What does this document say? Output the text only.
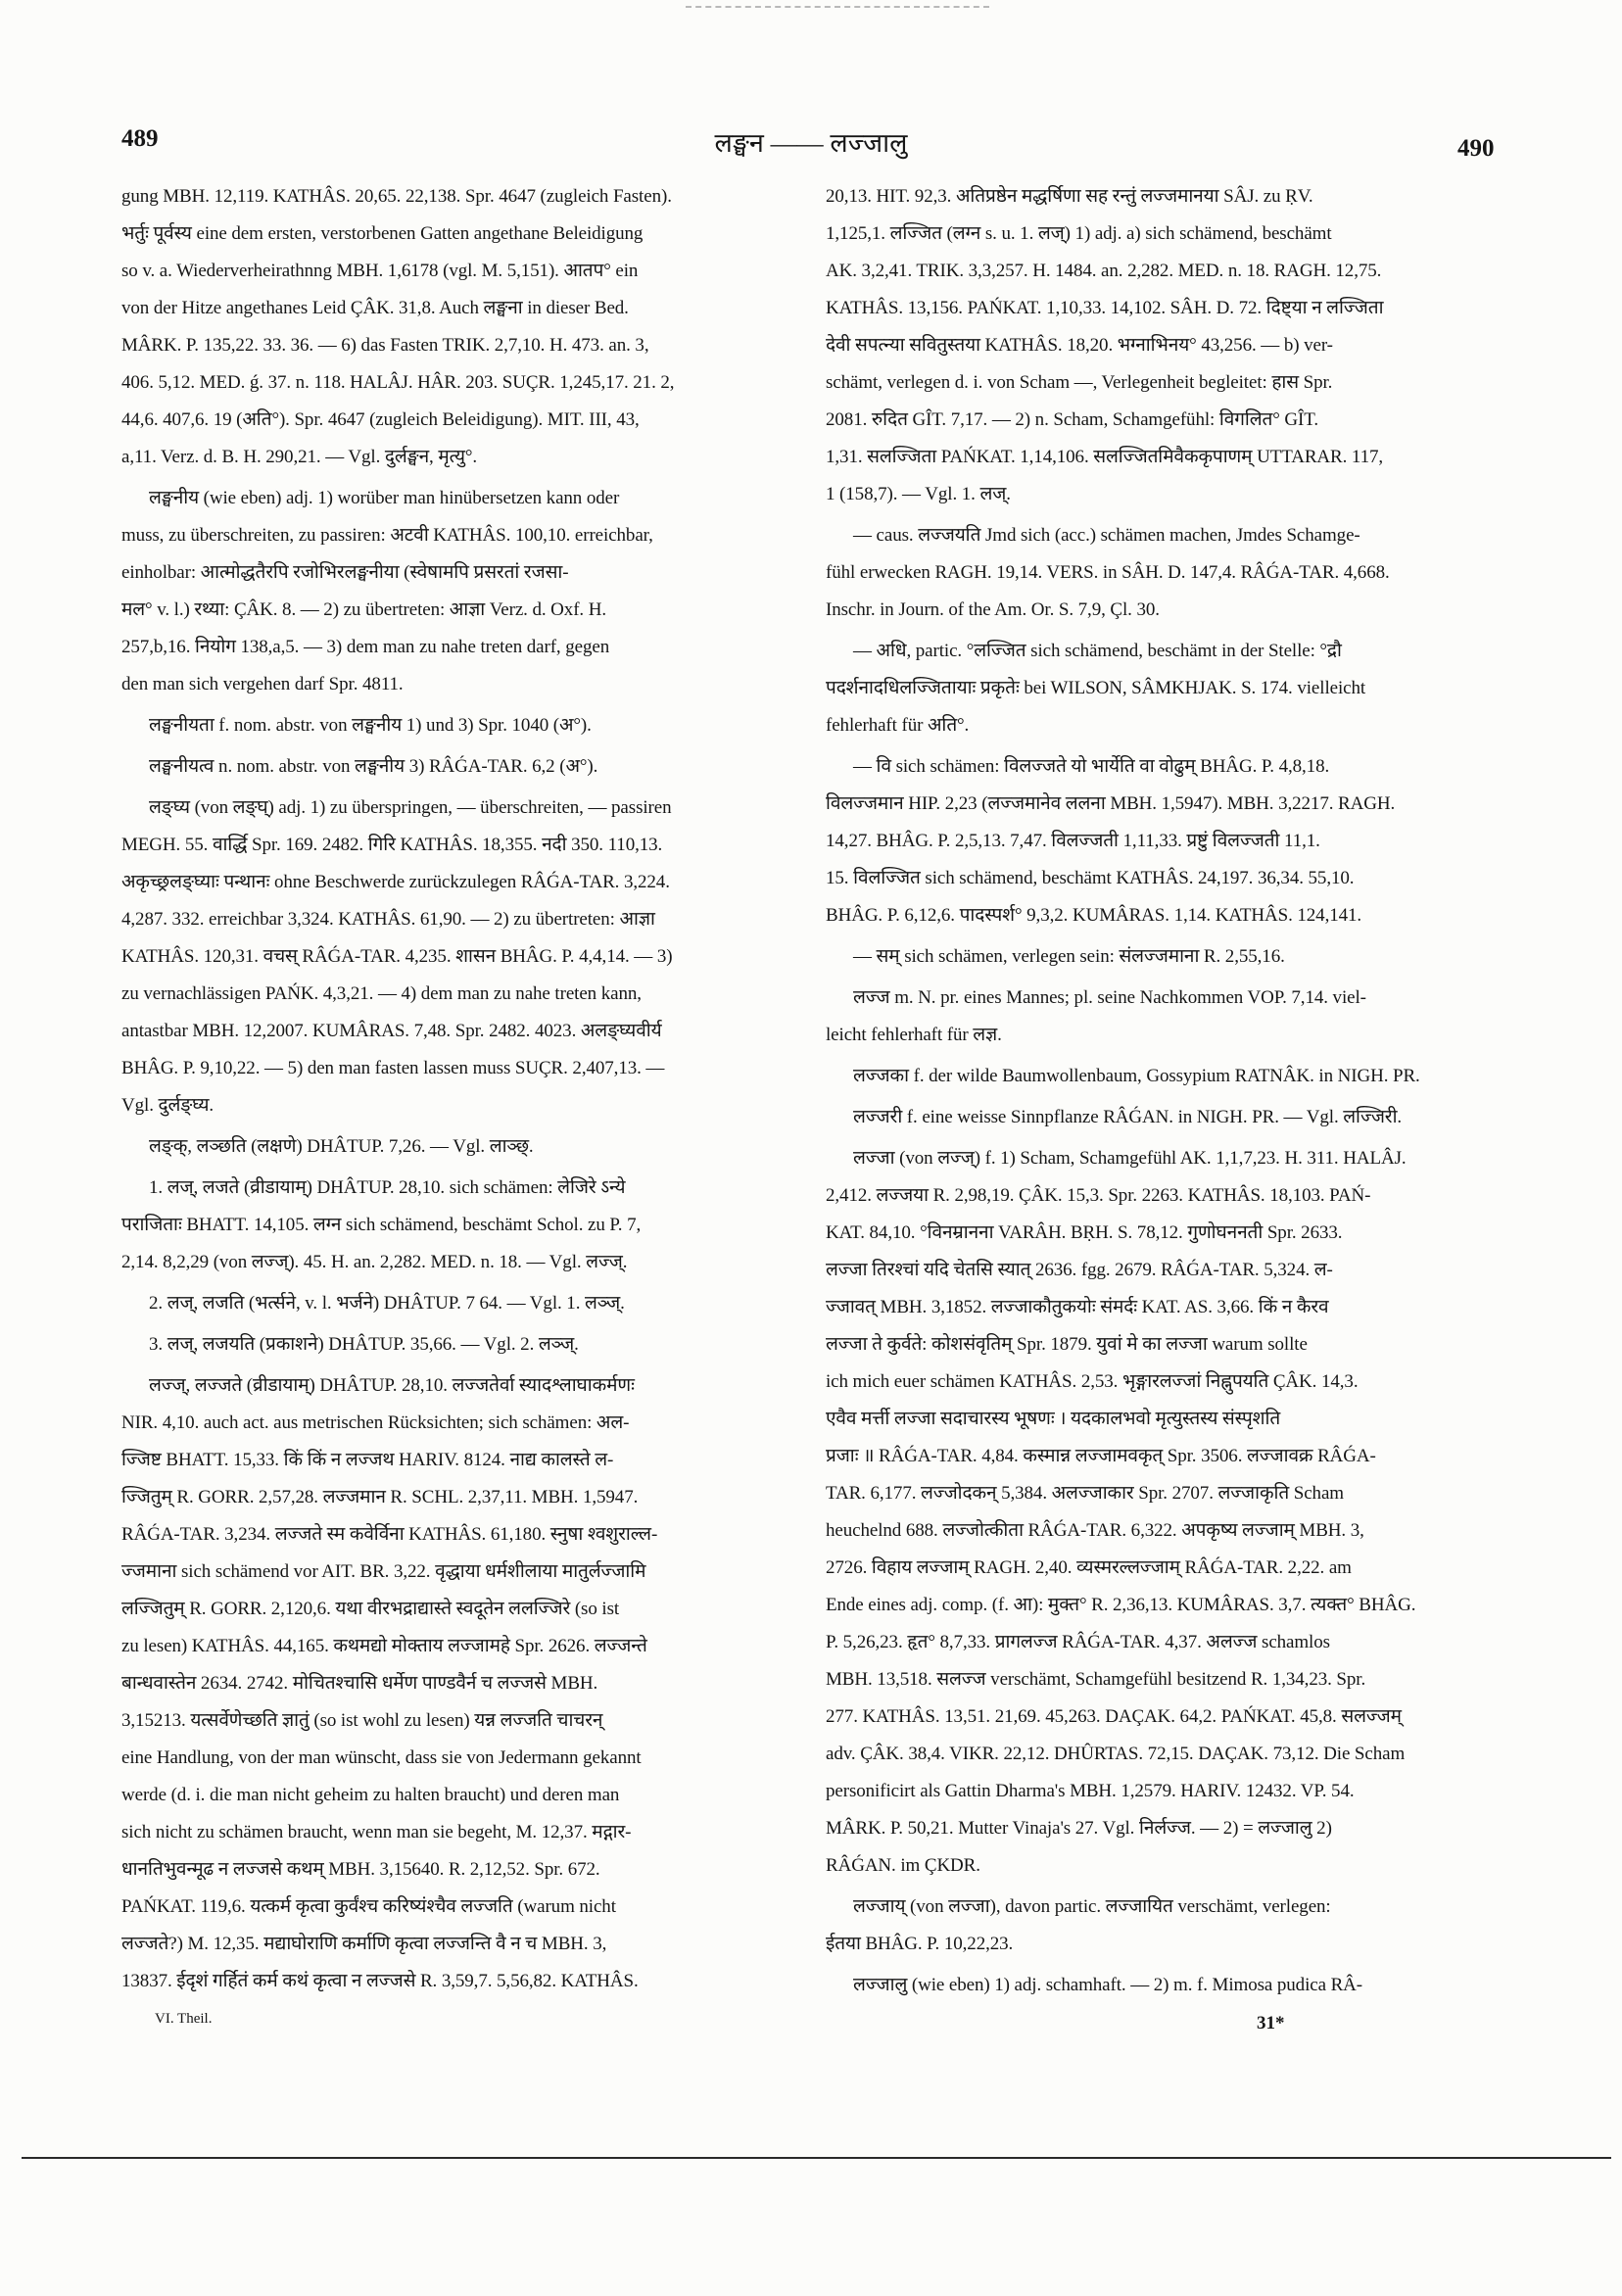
489	लङ्घन —— लज्जालु	490
gung MBH. 12,119. KATHÂS. 20,65. 22,138. Spr. 4647 (zugleich Fasten).
भर्तुः पूर्वस्य eine dem ersten, verstorbenen Gatten angethane Beleidigung
so v. a. Wiederverheirathnng MBH. 1,6178 (vgl. M. 5,151). आतप° ein
von der Hitze angethanes Leid ÇÂK. 31,8. Auch लङ्घना in dieser Bed.
MÂRK. P. 135,22. 33. 36. — 6) das Fasten TRIK. 2,7,10. H. 473. an. 3,
406. 5,12. MED. ǵ. 37. n. 118. HALÂJ. HÂR. 203. SUÇR. 1,245,17. 21. 2,
44,6. 407,6. 19 (अति°). Spr. 4647 (zugleich Beleidigung). MIT. III, 43,
a,11. Verz. d. B. H. 290,21. — Vgl. दुर्लङ्घन, मृत्यु°.
लङ्घनीय (wie eben) adj. 1) worüber man hinübersetzen kann oder
muss, zu überschreiten, zu passiren: अटवी KATHÂS. 100,10. erreichbar,
einholbar: आत्मोद्धतैरपि रजोभिरलङ्घनीया (स्वेषामपि प्रसरतां रजसा-
मल° v. l.) रथ्या: ÇÂK. 8. — 2) zu übertreten: आज्ञा Verz. d. Oxf. H.
257,b,16. नियोग 138,a,5. — 3) dem man zu nahe treten darf, gegen
den man sich vergehen darf Spr. 4811.
लङ्घनीयता f. nom. abstr. von लङ्घनीय 1) und 3) Spr. 1040 (अ°).
लङ्घनीयत्व n. nom. abstr. von लङ्घनीय 3) RÂǴA-TAR. 6,2 (अ°).
लङ्घ्य (von लङ्घ्) adj. 1) zu überspringen, — überschreiten, — passiren
MEGH. 55. वार्द्धि Spr. 169. 2482. गिरि KATHÂS. 18,355. नदी 350. 110,13.
अकृच्छ्रलङ्घ्याः पन्थानः ohne Beschwerde zurückzulegen RÂǴA-TAR. 3,224.
4,287. 332. erreichbar 3,324. KATHÂS. 61,90. — 2) zu übertreten: आज्ञा
KATHÂS. 120,31. वचस् RÂǴA-TAR. 4,235. शासन BHÂG. P. 4,4,14. — 3)
zu vernachlässigen PAŃK. 4,3,21. — 4) dem man zu nahe treten kann,
antastbar MBH. 12,2007. KUMÂRAS. 7,48. Spr. 2482. 4023. अलङ्घ्यवीर्य
BHÂG. P. 9,10,22. — 5) den man fasten lassen muss SUÇR. 2,407,13. —
Vgl. दुर्लङ्घ्य.
लङ्क्, लञ्छति (लक्षणे) DHÂTUP. 7,26. — Vgl. लाञ्छ्.
1. लज्, लजते (व्रीडायाम्) DHÂTUP. 28,10. sich schämen: लेजिरे ऽन्ये
पराजिताः BHATT. 14,105. लग्न sich schämend, beschämt Schol. zu P. 7,
2,14. 8,2,29 (von लज्ज्). 45. H. an. 2,282. MED. n. 18. — Vgl. लज्ज्.
2. लज्, लजति (भर्त्सने, v. l. भर्जने) DHÂTUP. 7 64. — Vgl. 1. लञ्ज्.
3. लज्, लजयति (प्रकाशने) DHÂTUP. 35,66. — Vgl. 2. लञ्ज्.
लज्ज्, लज्जते (व्रीडायाम्) DHÂTUP. 28,10. लज्जतेर्वा स्यादश्लाघाकर्मणः
NIR. 4,10. auch act. aus metrischen Rücksichten; sich schämen: अल-
ज्जिष्ट BHATT. 15,33. किं किं न लज्जथ HARIV. 8124. नाद्य कालस्ते ल-
ज्जितुम् R. GORR. 2,57,28. लज्जमान R. SCHL. 2,37,11. MBH. 1,5947.
RÂǴA-TAR. 3,234. लज्जते स्म कवेर्विना KATHÂS. 61,180. स्नुषा श्वशुराल्ल-
ज्जमाना sich schämend vor AIT. BR. 3,22. वृद्धाया धर्मशीलाया मातुर्लज्जामि
लज्जितुम् R. GORR. 2,120,6. यथा वीरभद्राद्यास्ते स्वदूतेन ललज्जिरे (so ist
zu lesen) KATHÂS. 44,165. कथमद्यो मोक्ताय लज्जामहे Spr. 2626. लज्जन्ते
बान्धवास्तेन 2634. 2742. मोचितश्चासि धर्मेण पाण्डवैर्न च लज्जसे MBH.
3,15213. यत्सर्वेणेच्छति ज्ञातुं (so ist wohl zu lesen) यन्न लज्जति चाचरन्
eine Handlung, von der man wünscht, dass sie von Jedermann gekannt
werde (d. i. die man nicht geheim zu halten braucht) und deren man
sich nicht zu schämen braucht, wenn man sie begeht, M. 12,37. मद्गार-
धानतिभुवन्मूढ न लज्जसे कथम् MBH. 3,15640. R. 2,12,52. Spr. 672.
PAŃKAT. 119,6. यत्कर्म कृत्वा कुर्वंश्च करिष्यंश्चैव लज्जति (warum nicht
लज्जते?) M. 12,35. मद्याघोराणि कर्माणि कृत्वा लज्जन्ति वै न च MBH. 3,
13837. ईदृशं गर्हितं कर्म कथं कृत्वा न लज्जसे R. 3,59,7. 5,56,82. KATHÂS.
VI. Theil.
20,13. HIT. 92,3. अतिप्रष्ठेन मद्धर्षिणा सह रन्तुं लज्जमानया SÂJ. zu ṚV.
1,125,1. लज्जित (लग्न s. u. 1. लज्) 1) adj. a) sich schämend, beschämt
AK. 3,2,41. TRIK. 3,3,257. H. 1484. an. 2,282. MED. n. 18. RAGH. 12,75.
KATHÂS. 13,156. PAŃKAT. 1,10,33. 14,102. SÂH. D. 72. दिष्ट्या न लज्जिता
देवी सपत्न्या सवितुस्तया KATHÂS. 18,20. भग्नाभिनय° 43,256. — b) ver-
schämt, verlegen d. i. von Scham —, Verlegenheit begleitet: हास Spr.
2081. रुदित GÎT. 7,17. — 2) n. Scham, Schamgefühl: विगलित° GÎT.
1,31. सलज्जिता PAŃKAT. 1,14,106. सलज्जितमिवैककृपाणम् UTTARAR. 117,
1 (158,7). — Vgl. 1. लज्.
— caus. लज्जयति Jmd sich (acc.) schämen machen, Jmdes Schamge-
fühl erwecken RAGH. 19,14. VERS. in SÂH. D. 147,4. RÂǴA-TAR. 4,668.
Inschr. in Journ. of the Am. Or. S. 7,9, Çl. 30.
— अधि, partic. °लज्जित sich schämend, beschämt in der Stelle: °द्रौ
पदर्शनादधिलज्जितायाः प्रकृतेः bei WILSON, SÂMKHJAK. S. 174. vielleicht
fehlerhaft für अति°.
— वि sich schämen: विलज्जते यो भार्येति वा वोढुम् BHÂG. P. 4,8,18.
विलज्जमान HIP. 2,23 (लज्जमानेव ललना MBH. 1,5947). MBH. 3,2217. RAGH.
14,27. BHÂG. P. 2,5,13. 7,47. विलज्जती 1,11,33. प्रष्टुं विलज्जती 11,1.
15. विलज्जित sich schämend, beschämt KATHÂS. 24,197. 36,34. 55,10.
BHÂG. P. 6,12,6. पादस्पर्श° 9,3,2. KUMÂRAS. 1,14. KATHÂS. 124,141.
— सम् sich schämen, verlegen sein: संलज्जमाना R. 2,55,16.
लज्ज m. N. pr. eines Mannes; pl. seine Nachkommen VOP. 7,14. viel-
leicht fehlerhaft für लज्ञ.
लज्जका f. der wilde Baumwollenbaum, Gossypium RATNÂK. in NIGH. PR.
लज्जरी f. eine weisse Sinnpflanze RÂǴAN. in NIGH. PR. — Vgl. लज्जिरी.
लज्जा (von लज्ज्) f. 1) Scham, Schamgefühl AK. 1,1,7,23. H. 311. HALÂJ.
2,412. लज्जया R. 2,98,19. ÇÂK. 15,3. Spr. 2263. KATHÂS. 18,103. PAŃ-
KAT. 84,10. °विनम्रानना VARÂH. BṚH. S. 78,12. गुणोघननती Spr. 2633.
लज्जा तिरश्चां यदि चेतसि स्यात् 2636. fgg. 2679. RÂǴA-TAR. 5,324. ल-
ज्जावत् MBH. 3,1852. लज्जाकौतुकयोः संमर्दः KAT. AS. 3,66. किं न कैरव
लज्जा ते कुर्वते: कोशसंवृतिम् Spr. 1879. युवां मे का लज्जा warum sollte
ich mich euer schämen KATHÂS. 2,53. भृङ्गारलज्जां निह्नुपयति ÇÂK. 14,3.
एवैव मर्त्ती लज्जा सदाचारस्य भूषणः । यदकालभवो मृत्युस्तस्य संस्पृशति
प्रजाः ॥ RÂǴA-TAR. 4,84. कस्मान्न लज्जामवकृत् Spr. 3506. लज्जावक्र RÂǴA-
TAR. 6,177. लज्जोदकन् 5,384. अलज्जाकार Spr. 2707. लज्जाकृति Scham
heuchelnd 688. लज्जोत्कीता RÂǴA-TAR. 6,322. अपकृष्य लज्जाम् MBH. 3,
2726. विहाय लज्जाम् RAGH. 2,40. व्यस्मरल्लज्जाम् RÂǴA-TAR. 2,22. am
Ende eines adj. comp. (f. आ): मुक्त° R. 2,36,13. KUMÂRAS. 3,7. त्यक्त° BHÂG.
P. 5,26,23. हृत° 8,7,33. प्रागलज्ज RÂǴA-TAR. 4,37. अलज्ज schamlos
MBH. 13,518. सलज्ज verschämt, Schamgefühl besitzend R. 1,34,23. Spr.
277. KATHÂS. 13,51. 21,69. 45,263. DAÇAK. 64,2. PAŃKAT. 45,8. सलज्जम्
adv. ÇÂK. 38,4. VIKR. 22,12. DHÛRTAS. 72,15. DAÇAK. 73,12. Die Scham
personificirt als Gattin Dharma's MBH. 1,2579. HARIV. 12432. VP. 54.
MÂRK. P. 50,21. Mutter Vinaja's 27. Vgl. निर्लज्ज. — 2) = लज्जालु 2)
RÂǴAN. im ÇKDR.
लज्जाय् (von लज्जा), davon partic. लज्जायित verschämt, verlegen:
ईतया BHÂG. P. 10,22,23.
लज्जालु (wie eben) 1) adj. schamhaft. — 2) m. f. Mimosa pudica RÂ-
31*
